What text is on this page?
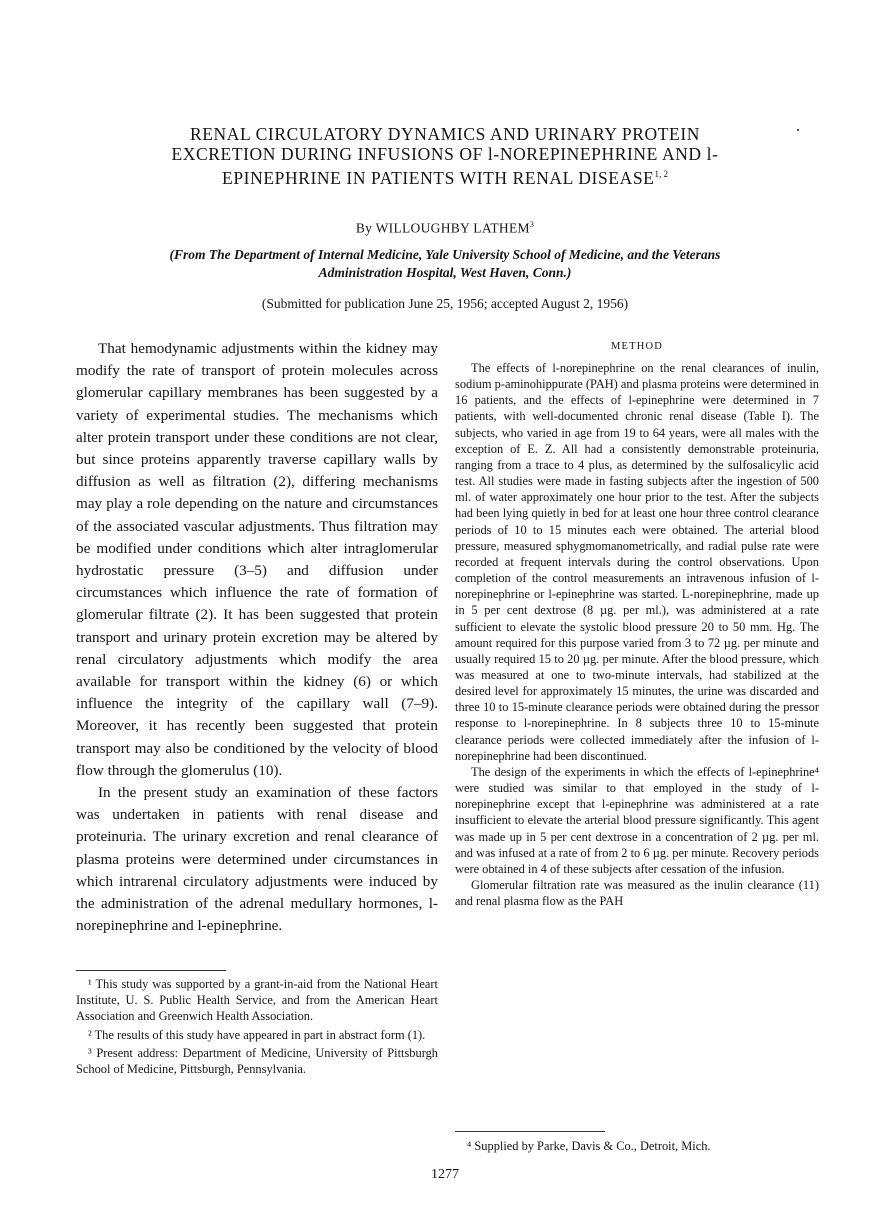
RENAL CIRCULATORY DYNAMICS AND URINARY PROTEIN EXCRETION DURING INFUSIONS OF l-NOREPINEPHRINE AND l-EPINEPHRINE IN PATIENTS WITH RENAL DISEASE$^{1, 2}$
By WILLOUGHBY LATHEM$^3$
(From The Department of Internal Medicine, Yale University School of Medicine, and the Veterans Administration Hospital, West Haven, Conn.)
(Submitted for publication June 25, 1956; accepted August 2, 1956)

That hemodynamic adjustments within the kidney may modify the rate of transport of protein molecules across glomerular capillary membranes has been suggested by a variety of experimental studies. The mechanisms which alter protein transport under these conditions are not clear, but since proteins apparently traverse capillary walls by diffusion as well as filtration (2), differing mechanisms may play a role depending on the nature and circumstances of the associated vascular adjustments. Thus filtration may be modified under conditions which alter intraglomerular hydrostatic pressure (3–5) and diffusion under circumstances which influence the rate of formation of glomerular filtrate (2). It has been suggested that protein transport and urinary protein excretion may be altered by renal circulatory adjustments which modify the area available for transport within the kidney (6) or which influence the integrity of the capillary wall (7–9). Moreover, it has recently been suggested that protein transport may also be conditioned by the velocity of blood flow through the glomerulus (10).

In the present study an examination of these factors was undertaken in patients with renal disease and proteinuria. The urinary excretion and renal clearance of plasma proteins were determined under circumstances in which intrarenal circulatory adjustments were induced by the administration of the adrenal medullary hormones, l-norepinephrine and l-epinephrine.

¹ This study was supported by a grant-in-aid from the National Heart Institute, U. S. Public Health Service, and from the American Heart Association and Greenwich Health Association.

² The results of this study have appeared in part in abstract form (1).

³ Present address: Department of Medicine, University of Pittsburgh School of Medicine, Pittsburgh, Pennsylvania.

METHOD

The effects of l-norepinephrine on the renal clearances of inulin, sodium p-aminohippurate (PAH) and plasma proteins were determined in 16 patients, and the effects of l-epinephrine were determined in 7 patients, with well-documented chronic renal disease (Table I). The subjects, who varied in age from 19 to 64 years, were all males with the exception of E. Z. All had a consistently demonstrable proteinuria, ranging from a trace to 4 plus, as determined by the sulfosalicylic acid test. All studies were made in fasting subjects after the ingestion of 500 ml. of water approximately one hour prior to the test. After the subjects had been lying quietly in bed for at least one hour three control clearance periods of 10 to 15 minutes each were obtained. The arterial blood pressure, measured sphygmomanometrically, and radial pulse rate were recorded at frequent intervals during the control observations. Upon completion of the control measurements an intravenous infusion of l-norepinephrine or l-epinephrine was started. L-norepinephrine, made up in 5 per cent dextrose (8 µg. per ml.), was administered at a rate sufficient to elevate the systolic blood pressure 20 to 50 mm. Hg. The amount required for this purpose varied from 3 to 72 µg. per minute and usually required 15 to 20 µg. per minute. After the blood pressure, which was measured at one to two-minute intervals, had stabilized at the desired level for approximately 15 minutes, the urine was discarded and three 10 to 15-minute clearance periods were obtained during the pressor response to l-norepinephrine. In 8 subjects three 10 to 15-minute clearance periods were collected immediately after the infusion of l-norepinephrine had been discontinued.

The design of the experiments in which the effects of l-epinephrine⁴ were studied was similar to that employed in the study of l-norepinephrine except that l-epinephrine was administered at a rate insufficient to elevate the arterial blood pressure significantly. This agent was made up in 5 per cent dextrose in a concentration of 2 µg. per ml. and was infused at a rate of from 2 to 6 µg. per minute. Recovery periods were obtained in 4 of these subjects after cessation of the infusion.

Glomerular filtration rate was measured as the inulin clearance (11) and renal plasma flow as the PAH

⁴ Supplied by Parke, Davis & Co., Detroit, Mich.

1277
